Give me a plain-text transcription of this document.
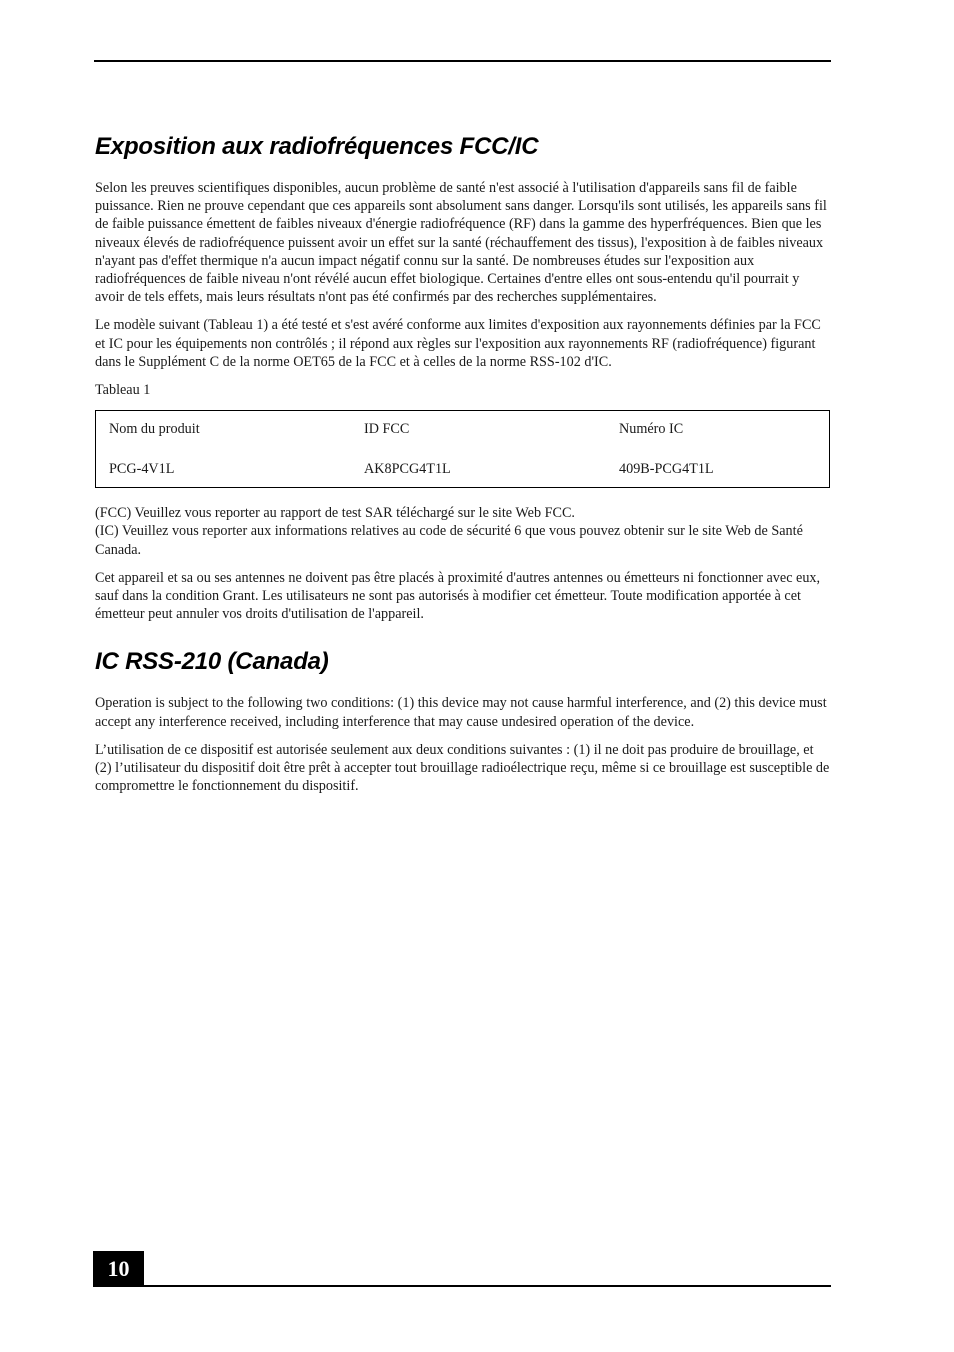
Exposition aux radiofréquences FCC/IC

Selon les preuves scientifiques disponibles, aucun problème de santé n'est associé à l'utilisation d'appareils sans fil de faible puissance. Rien ne prouve cependant que ces appareils sont absolument sans danger. Lorsqu'ils sont utilisés, les appareils sans fil de faible puissance émettent de faibles niveaux d'énergie radiofréquence (RF) dans la gamme des hyperfréquences. Bien que les niveaux élevés de radiofréquence puissent avoir un effet sur la santé (réchauffement des tissus), l'exposition à de faibles niveaux n'ayant pas d'effet thermique n'a aucun impact négatif connu sur la santé. De nombreuses études sur l'exposition aux radiofréquences de faible niveau n'ont révélé aucun effet biologique. Certaines d'entre elles ont sous-entendu qu'il pourrait y avoir de tels effets, mais leurs résultats n'ont pas été confirmés par des recherches supplémentaires.

Le modèle suivant (Tableau 1) a été testé et s'est avéré conforme aux limites d'exposition aux rayonnements définies par la FCC et IC pour les équipements non contrôlés ; il répond aux règles sur l'exposition aux rayonnements RF (radiofréquence) figurant dans le Supplément C de la norme OET65 de la FCC et à celles de la norme RSS-102 d'IC.

Tableau 1
Nom du produit	ID FCC	Numéro IC
PCG-4V1L	AK8PCG4T1L	409B-PCG4T1L

(FCC) Veuillez vous reporter au rapport de test SAR téléchargé sur le site Web FCC.

(IC) Veuillez vous reporter aux informations relatives au code de sécurité 6 que vous pouvez obtenir sur le site Web de Santé Canada.

Cet appareil et sa ou ses antennes ne doivent pas être placés à proximité d'autres antennes ou émetteurs ni fonctionner avec eux, sauf dans la condition Grant. Les utilisateurs ne sont pas autorisés à modifier cet émetteur. Toute modification apportée à cet émetteur peut annuler vos droits d'utilisation de l'appareil.

IC RSS-210 (Canada)

Operation is subject to the following two conditions: (1) this device may not cause harmful interference, and (2) this device must accept any interference received, including interference that may cause undesired operation of the device.

L’utilisation de ce dispositif est autorisée seulement aux deux conditions suivantes : (1) il ne doit pas produire de brouillage, et (2) l’utilisateur du dispositif doit être prêt à accepter tout brouillage radioélectrique reçu, même si ce brouillage est susceptible de compromettre le fonctionnement du dispositif.

10
